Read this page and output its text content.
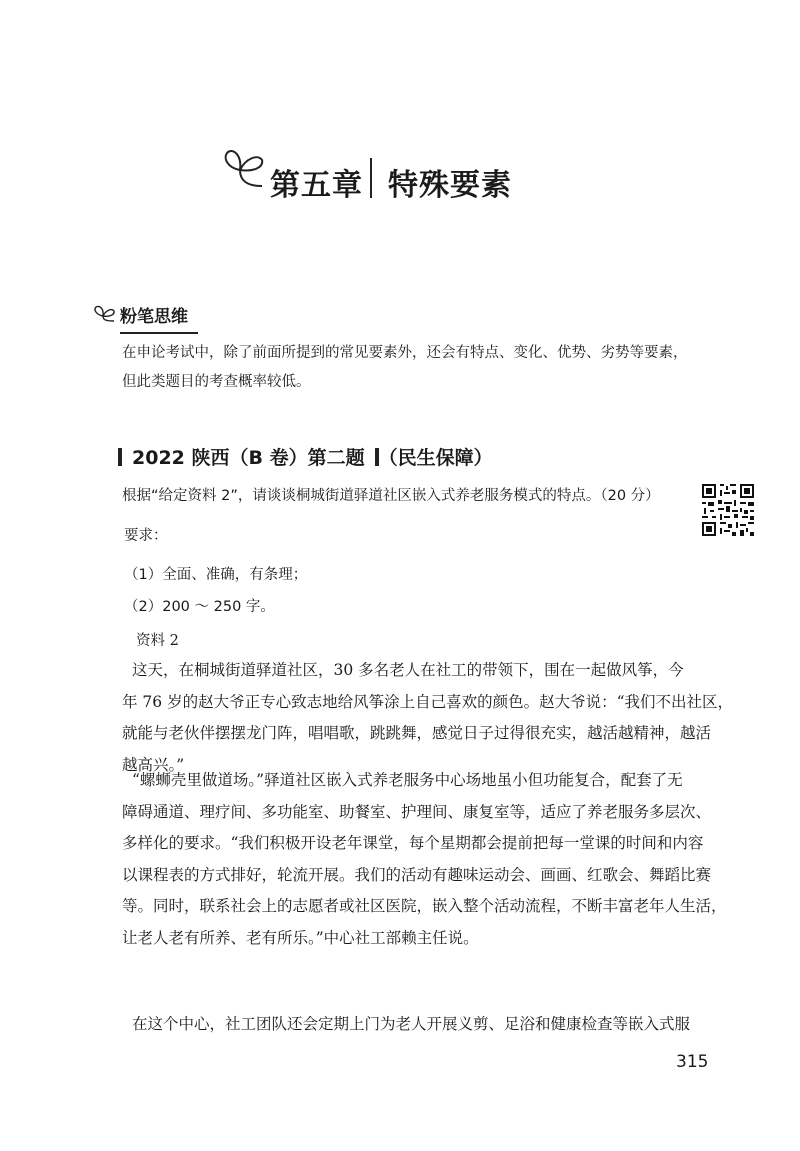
第五章 特殊要素
粉笔思维
在申论考试中，除了前面所提到的常见要素外，还会有特点、变化、优势、劣势等要素，
但此类题目的考查概率较低。
2022 陕西（B 卷）第二题 （民生保障）
根据“给定资料 2”，请谈谈桐城街道驿道社区嵌入式养老服务模式的特点。（20 分）
要求：
（1）全面、准确，有条理；
（2）200 ～ 250 字。
资料 2
这天，在桐城街道驿道社区，30 多名老人在社工的带领下，围在一起做风筝，今
年 76 岁的赵大爷正专心致志地给风筝涂上自己喜欢的颜色。赵大爷说：“我们不出社区，
就能与老伙伴摆摆龙门阵，唱唱歌，跳跳舞，感觉日子过得很充实，越活越精神，越活
越高兴。”
“螺蛳壳里做道场。”驿道社区嵌入式养老服务中心场地虽小但功能复合，配套了无
障碍通道、理疗间、多功能室、助餐室、护理间、康复室等，适应了养老服务多层次、
多样化的要求。“我们积极开设老年课堂，每个星期都会提前把每一堂课的时间和内容
以课程表的方式排好，轮流开展。我们的活动有趣味运动会、画画、红歌会、舞蹈比赛
等。同时，联系社会上的志愿者或社区医院，嵌入整个活动流程，不断丰富老年人生活，
让老人老有所养、老有所乐。”中心社工部赖主任说。
在这个中心，社工团队还会定期上门为老人开展义剪、足浴和健康检查等嵌入式服
315
